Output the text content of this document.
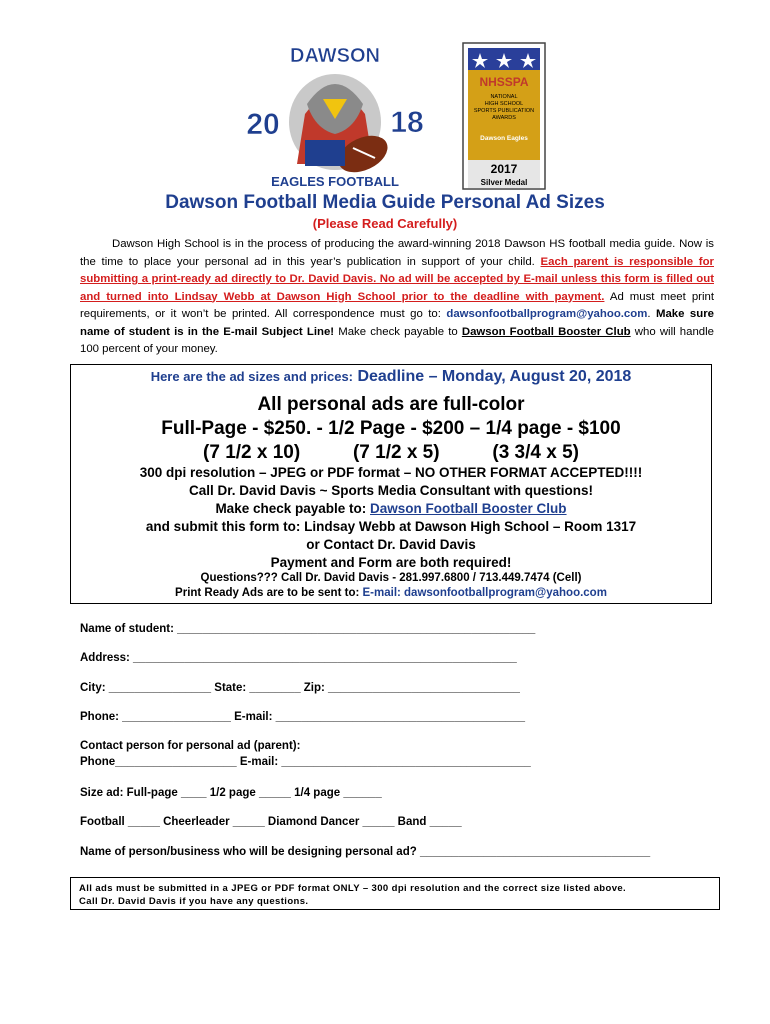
DAWSON
20	18
EAGLES FOOTBALL
NHSSPA
NATIONAL
HIGH SCHOOL
SPORTS PUBLICATION
AWARDS
Dawson Eagles
2017
Silver Medal
Dawson Football Media Guide Personal Ad Sizes
(Please Read Carefully)
Dawson High School is in the process of producing the award-winning 2018 Dawson HS football media guide. Now is the time to place your personal ad in this year’s publication in support of your child. Each parent is responsible for submitting a print-ready ad directly to Dr. David Davis. No ad will be accepted by E-mail unless this form is filled out and turned into Lindsay Webb at Dawson High School prior to the deadline with payment. Ad must meet print requirements, or it won’t be printed. All correspondence must go to: dawsonfootballprogram@yahoo.com. Make sure name of student is in the E-mail Subject Line! Make check payable to Dawson Football Booster Club who will handle 100 percent of your money.
Here are the ad sizes and prices: Deadline – Monday, August 20, 2018
All personal ads are full-color
Full-Page - $250. - 1/2 Page - $200 – 1/4 page - $100
(7 1/2 x 10)          (7 1/2 x 5)          (3 3/4 x 5)
300 dpi resolution – JPEG or PDF format – NO OTHER FORMAT ACCEPTED!!!!
Call Dr. David Davis ~ Sports Media Consultant with questions!
Make check payable to: Dawson Football Booster Club
and submit this form to: Lindsay Webb at Dawson High School – Room 1317
or Contact Dr. David Davis
Payment and Form are both required!
Questions??? Call Dr. David Davis - 281.997.6800 / 713.449.7474 (Cell)
Print Ready Ads are to be sent to: E-mail: dawsonfootballprogram@yahoo.com
Name of student: ________________________________________________________
Address: ____________________________________________________________
City: ________________ State: ________ Zip: ______________________________
Phone: _________________ E-mail: _______________________________________
Contact person for personal ad (parent):
Phone___________________ E-mail: _______________________________________
Size ad: Full-page ____ 1/2 page _____ 1/4 page ______
Football _____ Cheerleader _____ Diamond Dancer _____ Band _____
Name of person/business who will be designing personal ad? ____________________________________
All ads must be submitted in a JPEG or PDF format ONLY – 300 dpi resolution and the correct size listed above.
Call Dr. David Davis if you have any questions.
